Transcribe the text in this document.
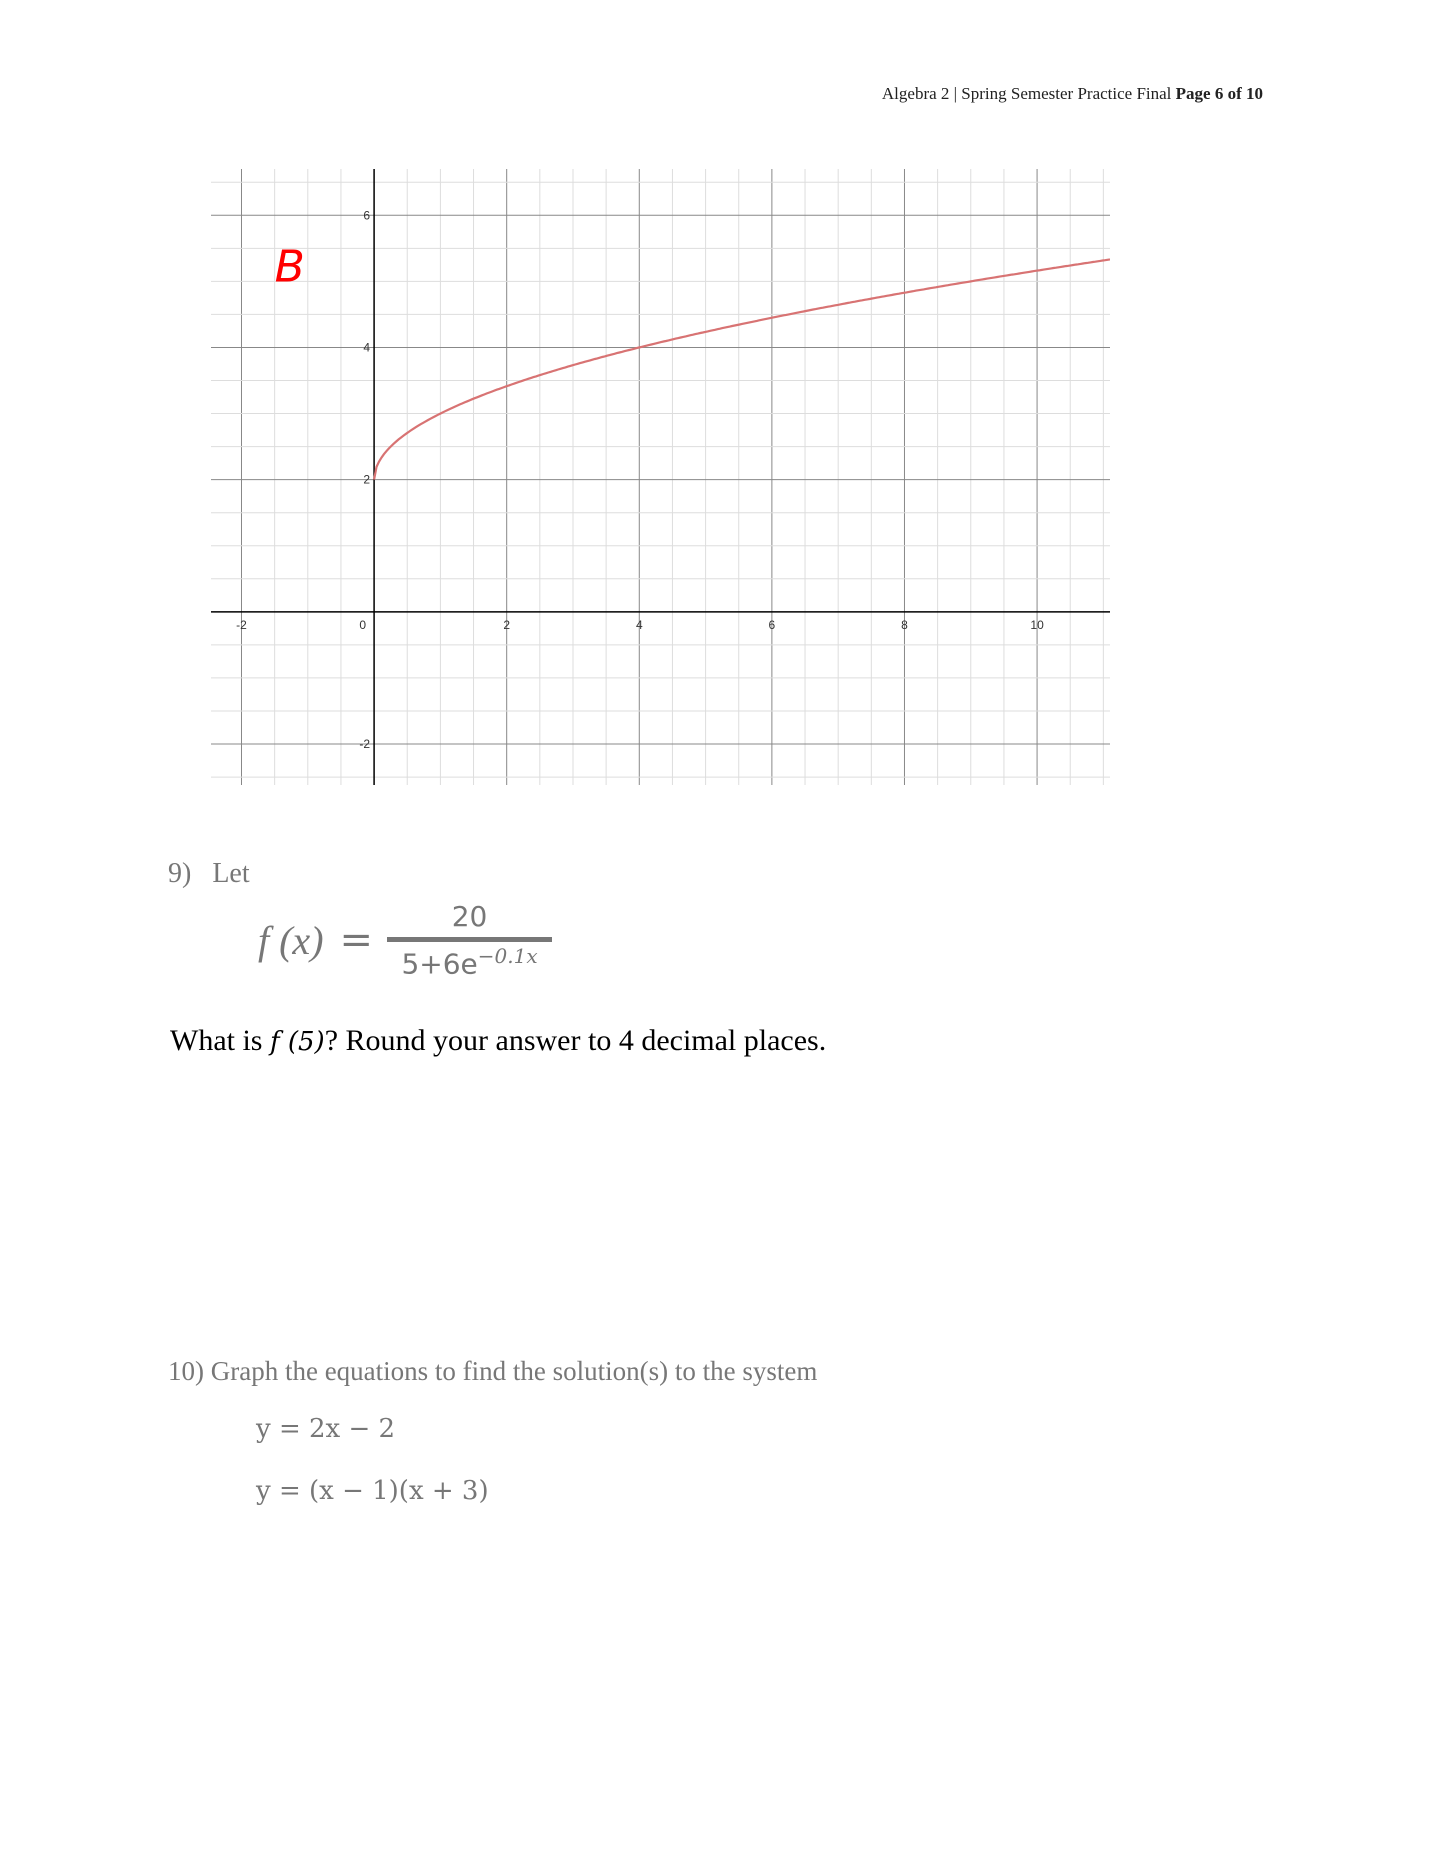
Algebra 2 | Spring Semester Practice Final Page 6 of 10
-2	0	2	4	6	8	10
-2
2
4
6
B
9) Let
f (x) =
20
$5+6e^{-0.1x}$
What is f (5)? Round your answer to 4 decimal places.
10) Graph the equations to find the solution(s) to the system
y = 2x − 2
y = (x − 1)(x + 3)
